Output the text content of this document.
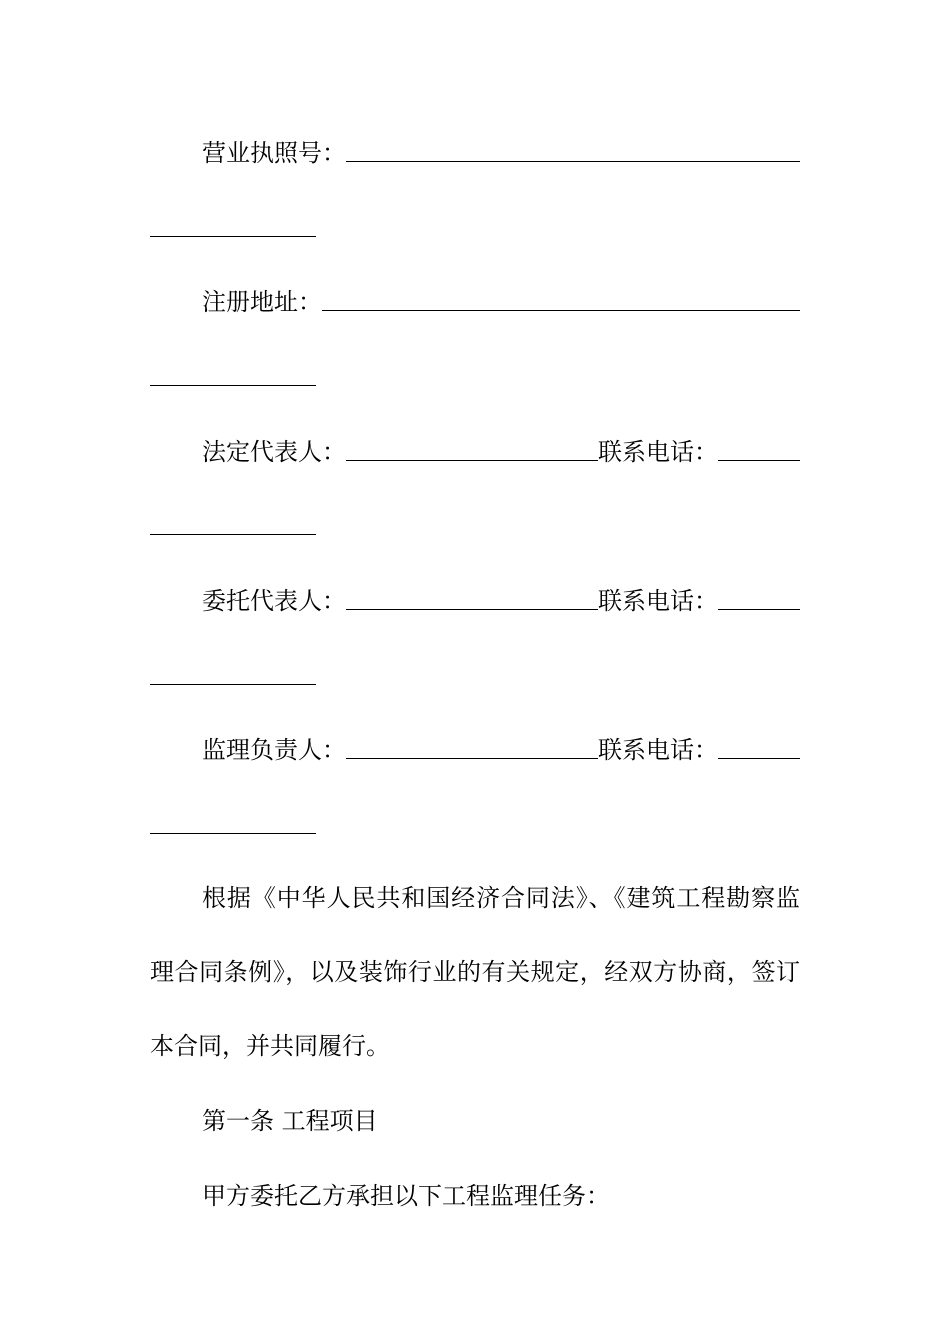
营业执照号：
注册地址：
法定代表人：	联系电话：
委托代表人：	联系电话：
监理负责人：	联系电话：

根据《中华人民共和国经济合同法》、《建筑工程勘察监理合同条例》，以及装饰行业的有关规定，经双方协商，签订本合同，并共同履行。

第一条 工程项目
甲方委托乙方承担以下工程监理任务：
